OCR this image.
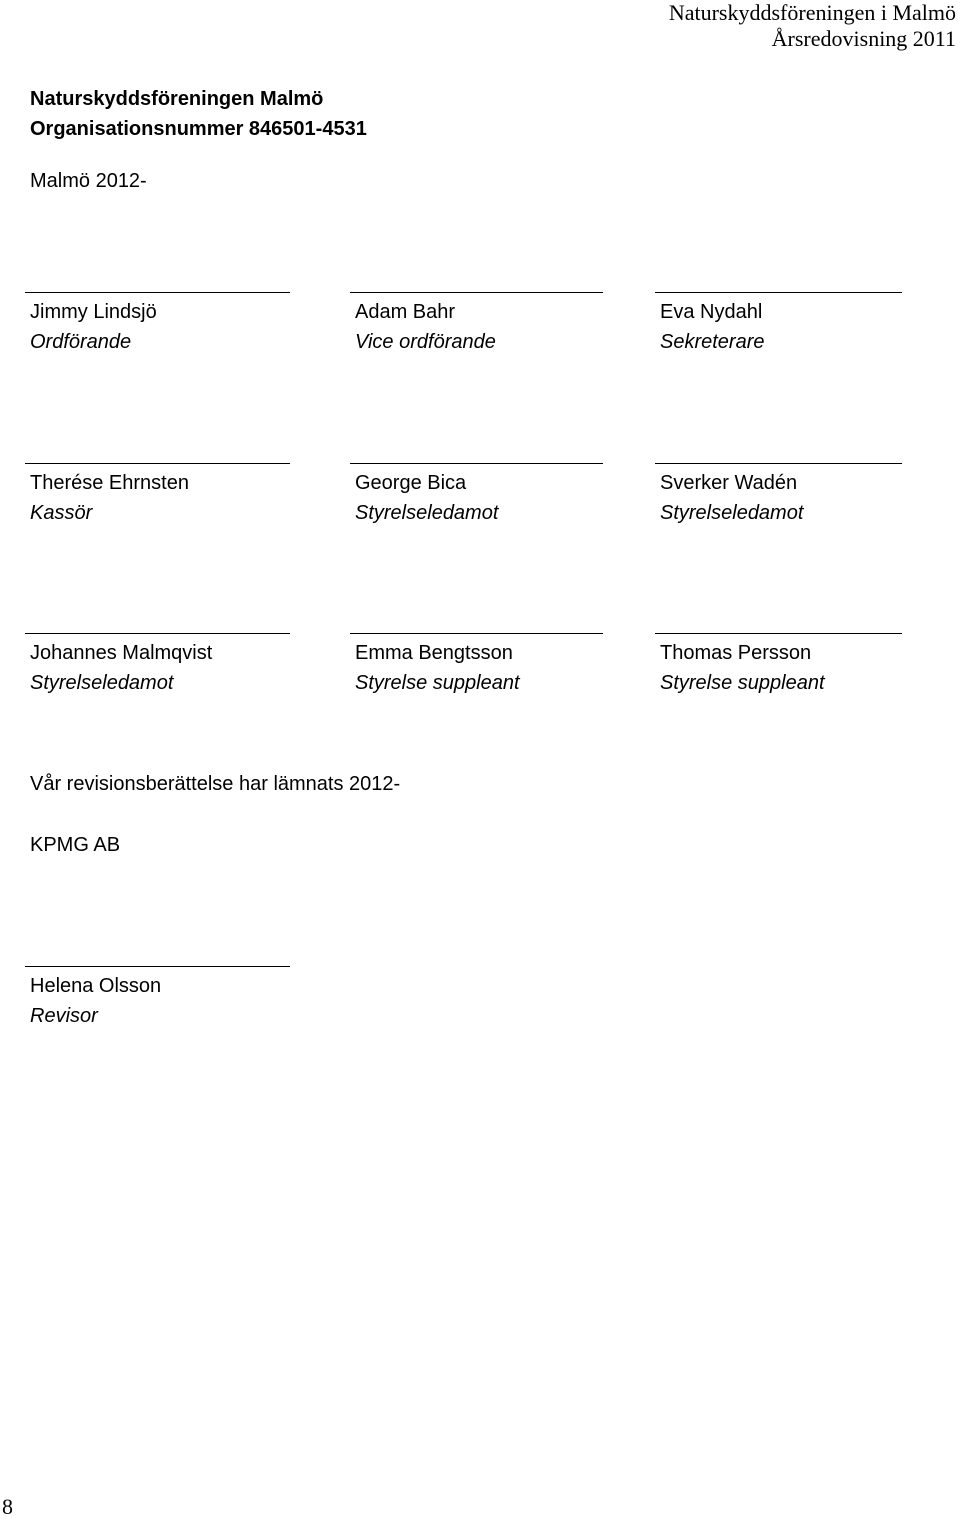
Naturskyddsföreningen i Malmö
Årsredovisning 2011
Naturskyddsföreningen Malmö
Organisationsnummer 846501-4531
Malmö 2012-
Jimmy Lindsjö
Ordförande
Adam Bahr
Vice ordförande
Eva Nydahl
Sekreterare
Therése Ehrnsten
Kassör
George Bica
Styrelseledamot
Sverker Wadén
Styrelseledamot
Johannes Malmqvist
Styrelseledamot
Emma Bengtsson
Styrelse suppleant
Thomas Persson
Styrelse suppleant
Vår revisionsberättelse har lämnats 2012-
KPMG AB
Helena Olsson
Revisor
8
